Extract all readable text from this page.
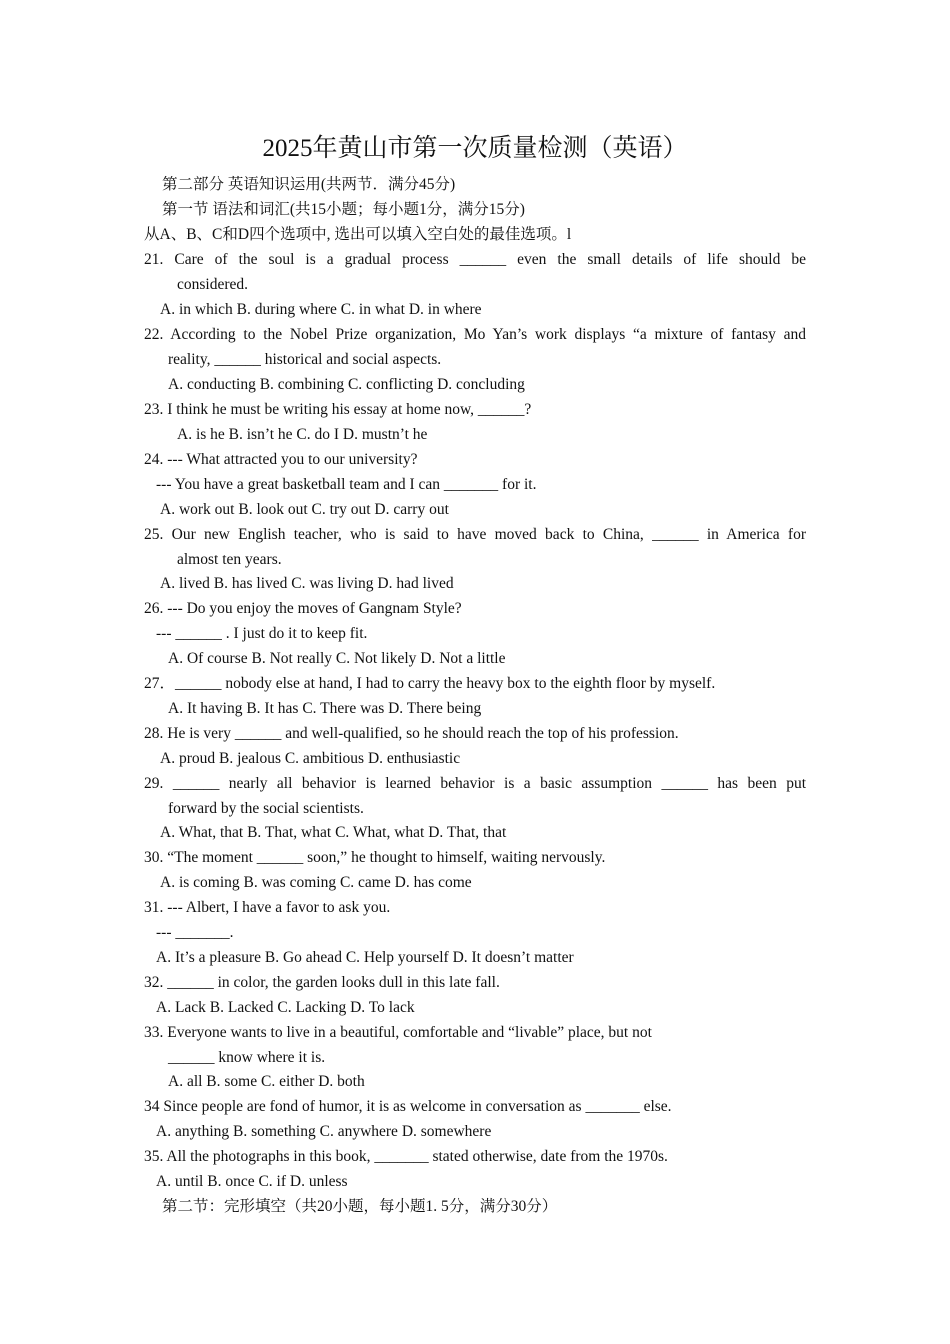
2025年黄山市第一次质量检测（英语）
第二部分 英语知识运用(共两节．满分45分)
第一节 语法和词汇(共15小题；每小题1分，满分15分)
从A、B、C和D四个选项中, 选出可以填入空白处的最佳选项。l
21. Care of the soul is a gradual process ______ even the small details of life should be
considered.
A. in which B. during where C. in what D. in where
22. According to the Nobel Prize organization, Mo Yan’s work displays “a mixture of fantasy and
reality, ______ historical and social aspects.
A. conducting B. combining C. conflicting D. concluding
23. I think he must be writing his essay at home now, ______?
A. is he B. isn’t he C. do I D. mustn’t he
24. --- What attracted you to our university?
--- You have a great basketball team and I can _______ for it.
A. work out B. look out C. try out D. carry out
25. Our new English teacher, who is said to have moved back to China, ______ in America for
almost ten years.
A. lived B. has lived C. was living D. had lived
26. --- Do you enjoy the moves of Gangnam Style?
--- ______ . I just do it to keep fit.
A. Of course B. Not really C. Not likely D. Not a little
27．______ nobody else at hand, I had to carry the heavy box to the eighth floor by myself.
A. It having B. It has C. There was D. There being
28. He is very ______ and well-qualified, so he should reach the top of his profession.
A. proud B. jealous C. ambitious D. enthusiastic
29. ______ nearly all behavior is learned behavior is a basic assumption ______ has been put
forward by the social scientists.
A. What, that B. That, what C. What, what D. That, that
30. “The moment ______ soon,” he thought to himself, waiting nervously.
A. is coming B. was coming C. came D. has come
31. --- Albert, I have a favor to ask you.
--- _______.
A. It’s a pleasure B. Go ahead C. Help yourself D. It doesn’t matter
32. ______ in color, the garden looks dull in this late fall.
A. Lack B. Lacked C. Lacking D. To lack
33. Everyone wants to live in a beautiful, comfortable and “livable” place, but not
______ know where it is.
A. all B. some C. either D. both
34 Since people are fond of humor, it is as welcome in conversation as _______ else.
A. anything B. something C. anywhere D. somewhere
35. All the photographs in this book, _______ stated otherwise, date from the 1970s.
A. until B. once C. if D. unless
第二节：完形填空（共20小题，每小题1. 5分，满分30分）
